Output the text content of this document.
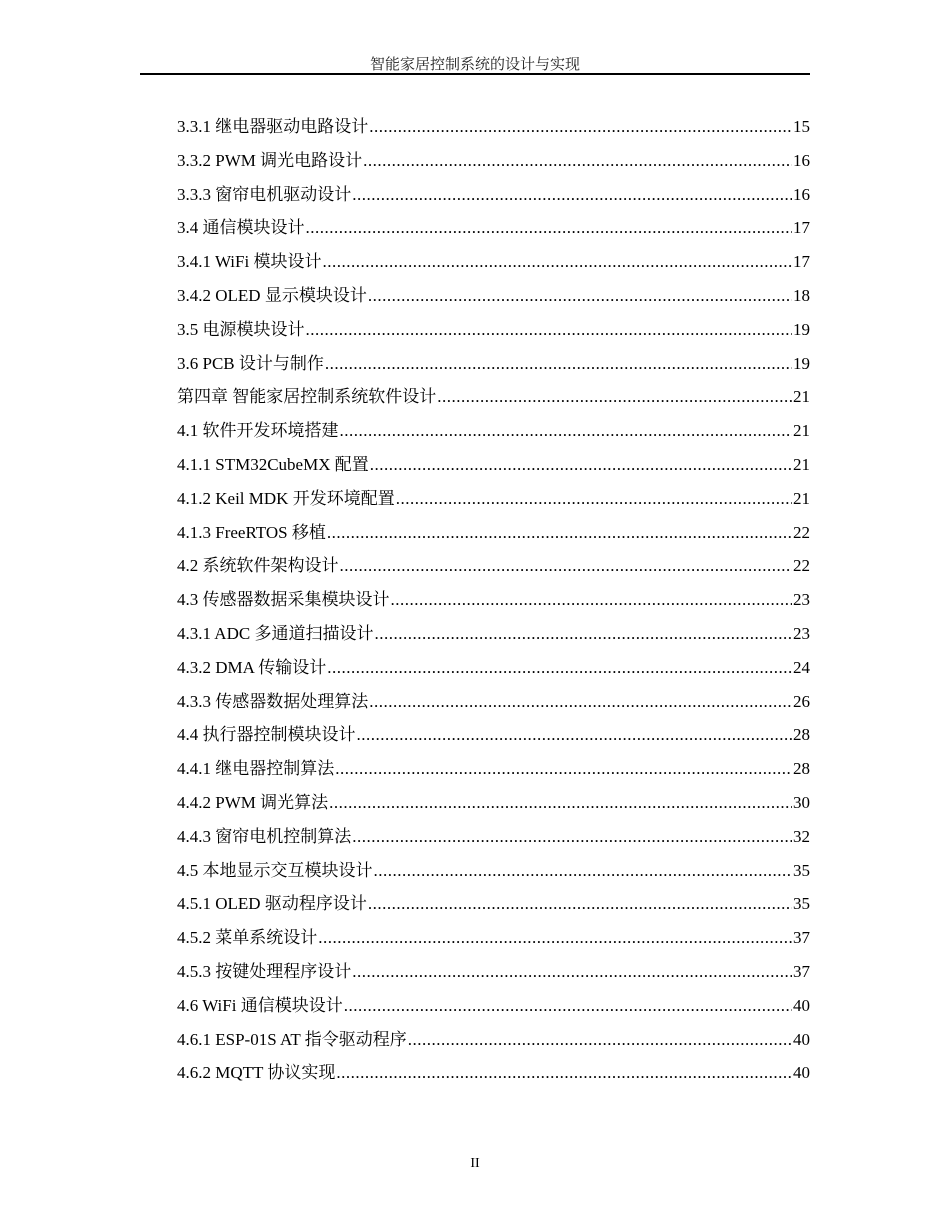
智能家居控制系统的设计与实现
3.3.1 继电器驱动电路设计 .....	15
3.3.2 PWM 调光电路设计 .....	16
3.3.3 窗帘电机驱动设计 .....	16
3.4 通信模块设计 .....	17
3.4.1 WiFi 模块设计 .....	17
3.4.2 OLED 显示模块设计 .....	18
3.5 电源模块设计 .....	19
3.6 PCB 设计与制作 .....	19
第四章 智能家居控制系统软件设计 .....	21
4.1 软件开发环境搭建 .....	21
4.1.1 STM32CubeMX 配置 .....	21
4.1.2 Keil MDK 开发环境配置 .....	21
4.1.3 FreeRTOS 移植 .....	22
4.2 系统软件架构设计 .....	22
4.3 传感器数据采集模块设计 .....	23
4.3.1 ADC 多通道扫描设计 .....	23
4.3.2 DMA 传输设计 .....	24
4.3.3 传感器数据处理算法 .....	26
4.4 执行器控制模块设计 .....	28
4.4.1 继电器控制算法 .....	28
4.4.2 PWM 调光算法 .....	30
4.4.3 窗帘电机控制算法 .....	32
4.5 本地显示交互模块设计 .....	35
4.5.1 OLED 驱动程序设计 .....	35
4.5.2 菜单系统设计 .....	37
4.5.3 按键处理程序设计 .....	37
4.6 WiFi 通信模块设计 .....	40
4.6.1 ESP-01S AT 指令驱动程序 .....	40
4.6.2 MQTT 协议实现 .....	40
II
